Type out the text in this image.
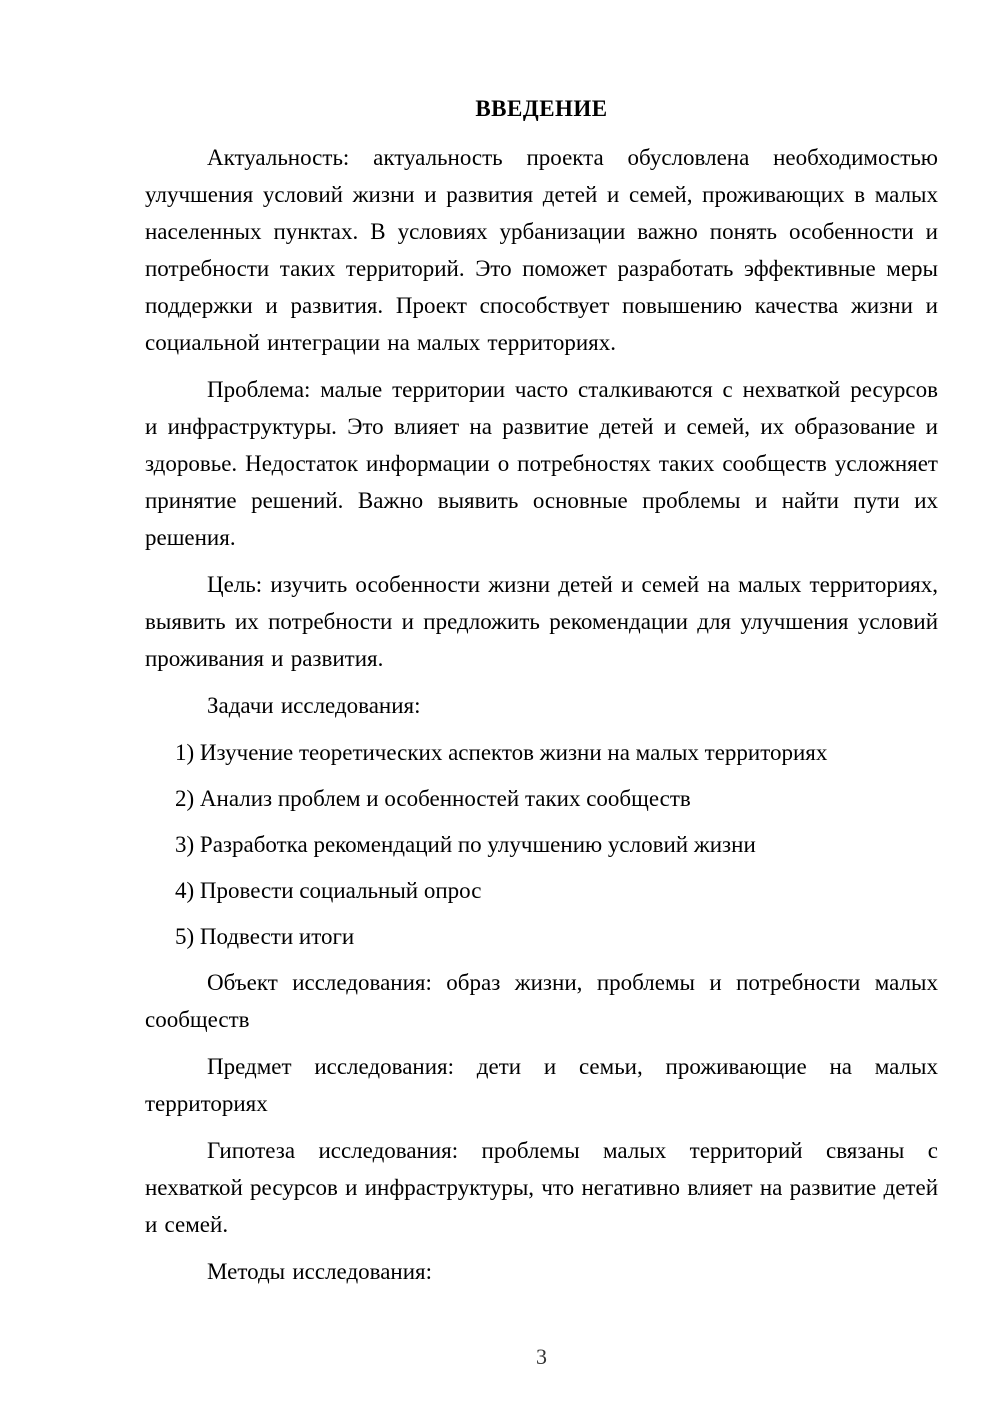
ВВЕДЕНИЕ

Актуальность: актуальность проекта обусловлена необходимостью улучшения условий жизни и развития детей и семей, проживающих в малых населенных пунктах. В условиях урбанизации важно понять особенности и потребности таких территорий. Это поможет разработать эффективные меры поддержки и развития. Проект способствует повышению качества жизни и социальной интеграции на малых территориях.

Проблема: малые территории часто сталкиваются с нехваткой ресурсов и инфраструктуры. Это влияет на развитие детей и семей, их образование и здоровье. Недостаток информации о потребностях таких сообществ усложняет принятие решений. Важно выявить основные проблемы и найти пути их решения.

Цель: изучить особенности жизни детей и семей на малых территориях, выявить их потребности и предложить рекомендации для улучшения условий проживания и развития.

Задачи исследования:

1) Изучение теоретических аспектов жизни на малых территориях

2) Анализ проблем и особенностей таких сообществ

3) Разработка рекомендаций по улучшению условий жизни

4) Провести социальный опрос

5) Подвести итоги

Объект исследования: образ жизни, проблемы и потребности малых сообществ

Предмет исследования: дети и семьи, проживающие на малых территориях

Гипотеза исследования: проблемы малых территорий связаны с нехваткой ресурсов и инфраструктуры, что негативно влияет на развитие детей и семей.

Методы исследования:

3
